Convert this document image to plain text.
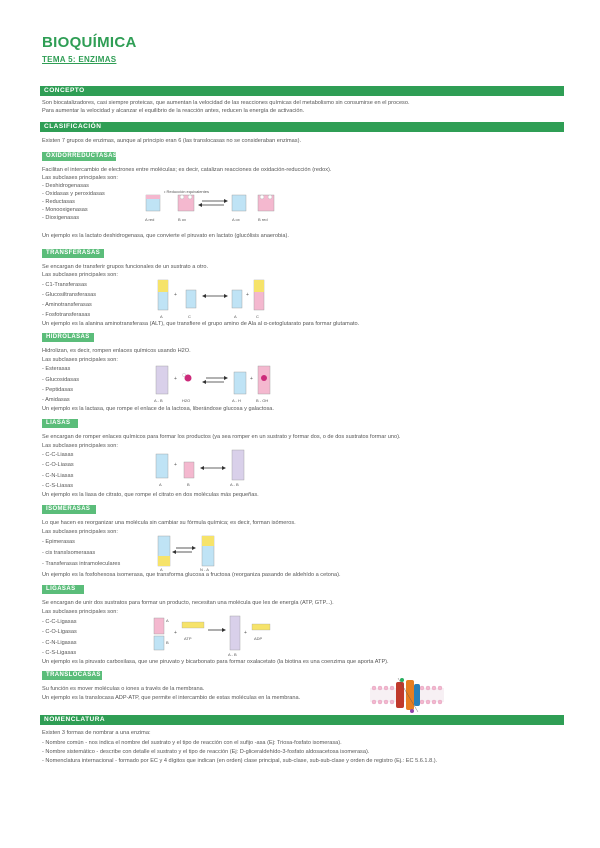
BIOQUÍMICA
TEMA 5: ENZIMAS
CONCEPTO
Son biocatalizadores, casi siempre proteicas, que aumentan la velocidad de las reacciones químicas del metabolismo sin consumirse en el proceso.
Para aumentar la velocidad y alcanzar el equilibrio de la reacción antes, reducen la energía de activación.
CLASIFICACIÓN
Existen 7 grupos de enzimas, aunque al principio eran 6 (las translocasas no se consideraban enzimas).
OXIDORREDUCTASAS
Facilitan el intercambio de electrones entre moléculas; es decir, catalizan reacciones de oxidación-reducción (redox).
Las subclases principales son:
- Deshidrogenasas
- Oxidasas y peroxidasas
- Reductasas
- Monooxigenasas
- Dioxigenasas
Un ejemplo es la lactato deshidrogenasa, que convierte el piruvato en lactato (glucólisis anaerobia).
A red
• Reducción equivalentes
B ox	A ox	B red
TRANSFERASAS
Se encargan de transferir grupos funcionales de un sustrato a otro.
Las subclases principales son:
- C1-Transferasas
- Glucosiltransferasas
- Aminotransferasas
- Fosfotransferasas
Un ejemplo es la alanina aminotransferasa (ALT), que transfiere el grupo amino de Ala al α-cetoglutarato para formar glutamato.
A
+
C	A
+
C
HIDROLASAS
Hidrolizan, es decir, rompen enlaces químicos usando H2O.
Las subclases principales son:
- Esterasas
- Glucosidasas
- Peptidasas
- Amidasas
Un ejemplo es la lactasa, que rompe el enlace de la lactosa, liberándose glucosa y galactosa.
A - B
+
H2O	A - H
+
B - OH
LIASAS
Se encargan de romper enlaces químicos para formar los productos (ya sea romper en un sustrato y formar dos, o de dos sustratos formar uno).
Las subclases principales son:
- C-C-Liasas
- C-O-Liasas
- C-N-Liasas
- C-S-Liasas
Un ejemplo es la liasa de citrato, que rompe el citrato en dos moléculas más pequeñas.
A
+
B	A - B
ISOMERASAS
Lo que hacen es reorganizar una molécula sin cambiar su fórmula química; es decir, forman isómeros.
Las subclases principales son:
- Epimerasas
- cis transIsomerasas
- Transferasas intramoleculares
Un ejemplo es la fosfohexosa isomerasa, que transforma glucosa a fructosa (reorganiza pasando de aldehído a cetona).
A	N - A
LIGASAS
Se encargan de unir dos sustratos para formar un producto, necesitan una molécula que les de energía (ATP, GTP...).
Las subclases principales son:
- C-C-Ligasas
- C-O-Ligasas
- C-N-Ligasas
- C-S-Ligasas
Un ejemplo es la piruvato carboxilasa, que une piruvato y bicarbonato para formar oxalacetato (la biotina es una coenzima que aporta ATP).
A
B
+
ATP
A - B
+
ADP
TRANSLOCASAS
Su función es mover moléculas o iones a través de la membrana.
Un ejemplo es la translocasa ADP-ATP, que permite el intercambio de estas moléculas en la membrana.
NOMENCLATURA
Existen 3 formas de nombrar a una enzima:
- Nombre común - nos indica el nombre del sustrato y el tipo de reacción con el sufijo -asa (Ej: Triosa-fosfato isomerasa).
- Nombre sistemático - describe con detalle el sustrato y el tipo de reacción (Ej: D-gliceraldehído-3-fosfato aldosacetosa isomerasa).
- Nomenclatura internacional - formado por EC y 4 dígitos que indican (en orden) clase principal, sub-clase, sub-sub-clase y orden de registro (Ej.: EC 5.6.1.8.).
